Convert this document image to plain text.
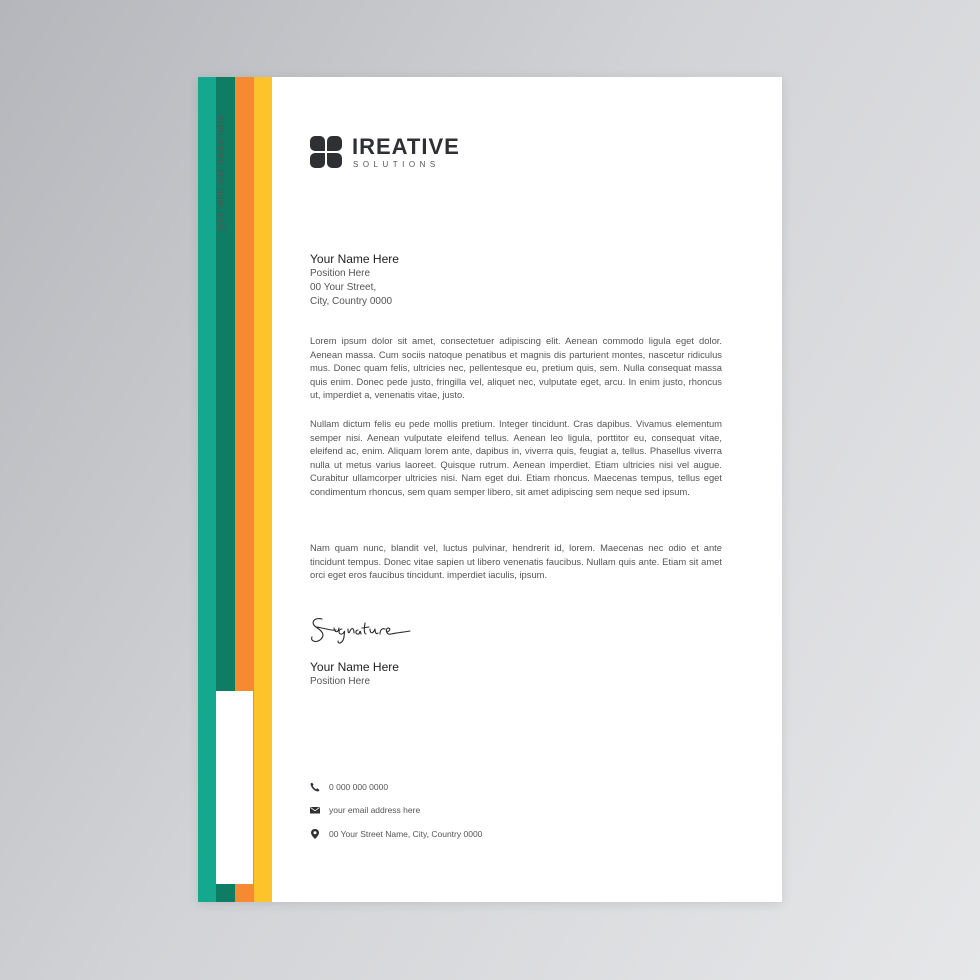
your web site name here	IREATIVE
SOLUTIONS
Your Name Here
Position Here
00 Your Street,
City, Country 0000

Lorem ipsum dolor sit amet, consectetuer adipiscing elit. Aenean commodo ligula eget dolor. Aenean massa. Cum sociis natoque penatibus et magnis dis parturient montes, nascetur ridiculus mus. Donec quam felis, ultricies nec, pellentesque eu, pretium quis, sem. Nulla consequat massa quis enim. Donec pede justo, fringilla vel, aliquet nec, vulputate eget, arcu. In enim justo, rhoncus ut, imperdiet a, venenatis vitae, justo.

Nullam dictum felis eu pede mollis pretium. Integer tincidunt. Cras dapibus. Vivamus elementum semper nisi. Aenean vulputate eleifend tellus. Aenean leo ligula, porttitor eu, consequat vitae, eleifend ac, enim. Aliquam lorem ante, dapibus in, viverra quis, feugiat a, tellus. Phasellus viverra nulla ut metus varius laoreet. Quisque rutrum. Aenean imperdiet. Etiam ultricies nisi vel augue. Curabitur ullamcorper ultricies nisi. Nam eget dui. Etiam rhoncus. Maecenas tempus, tellus eget condimentum rhoncus, sem quam semper libero, sit amet adipiscing sem neque sed ipsum.

Nam quam nunc, blandit vel, luctus pulvinar, hendrerit id, lorem. Maecenas nec odio et ante tincidunt tempus. Donec vitae sapien ut libero venenatis faucibus. Nullam quis ante. Etiam sit amet orci eget eros faucibus tincidunt. imperdiet iaculis, ipsum.

Your Name Here
Position Here
0 000 000 0000
your email address here
00 Your Street Name, City, Country 0000
